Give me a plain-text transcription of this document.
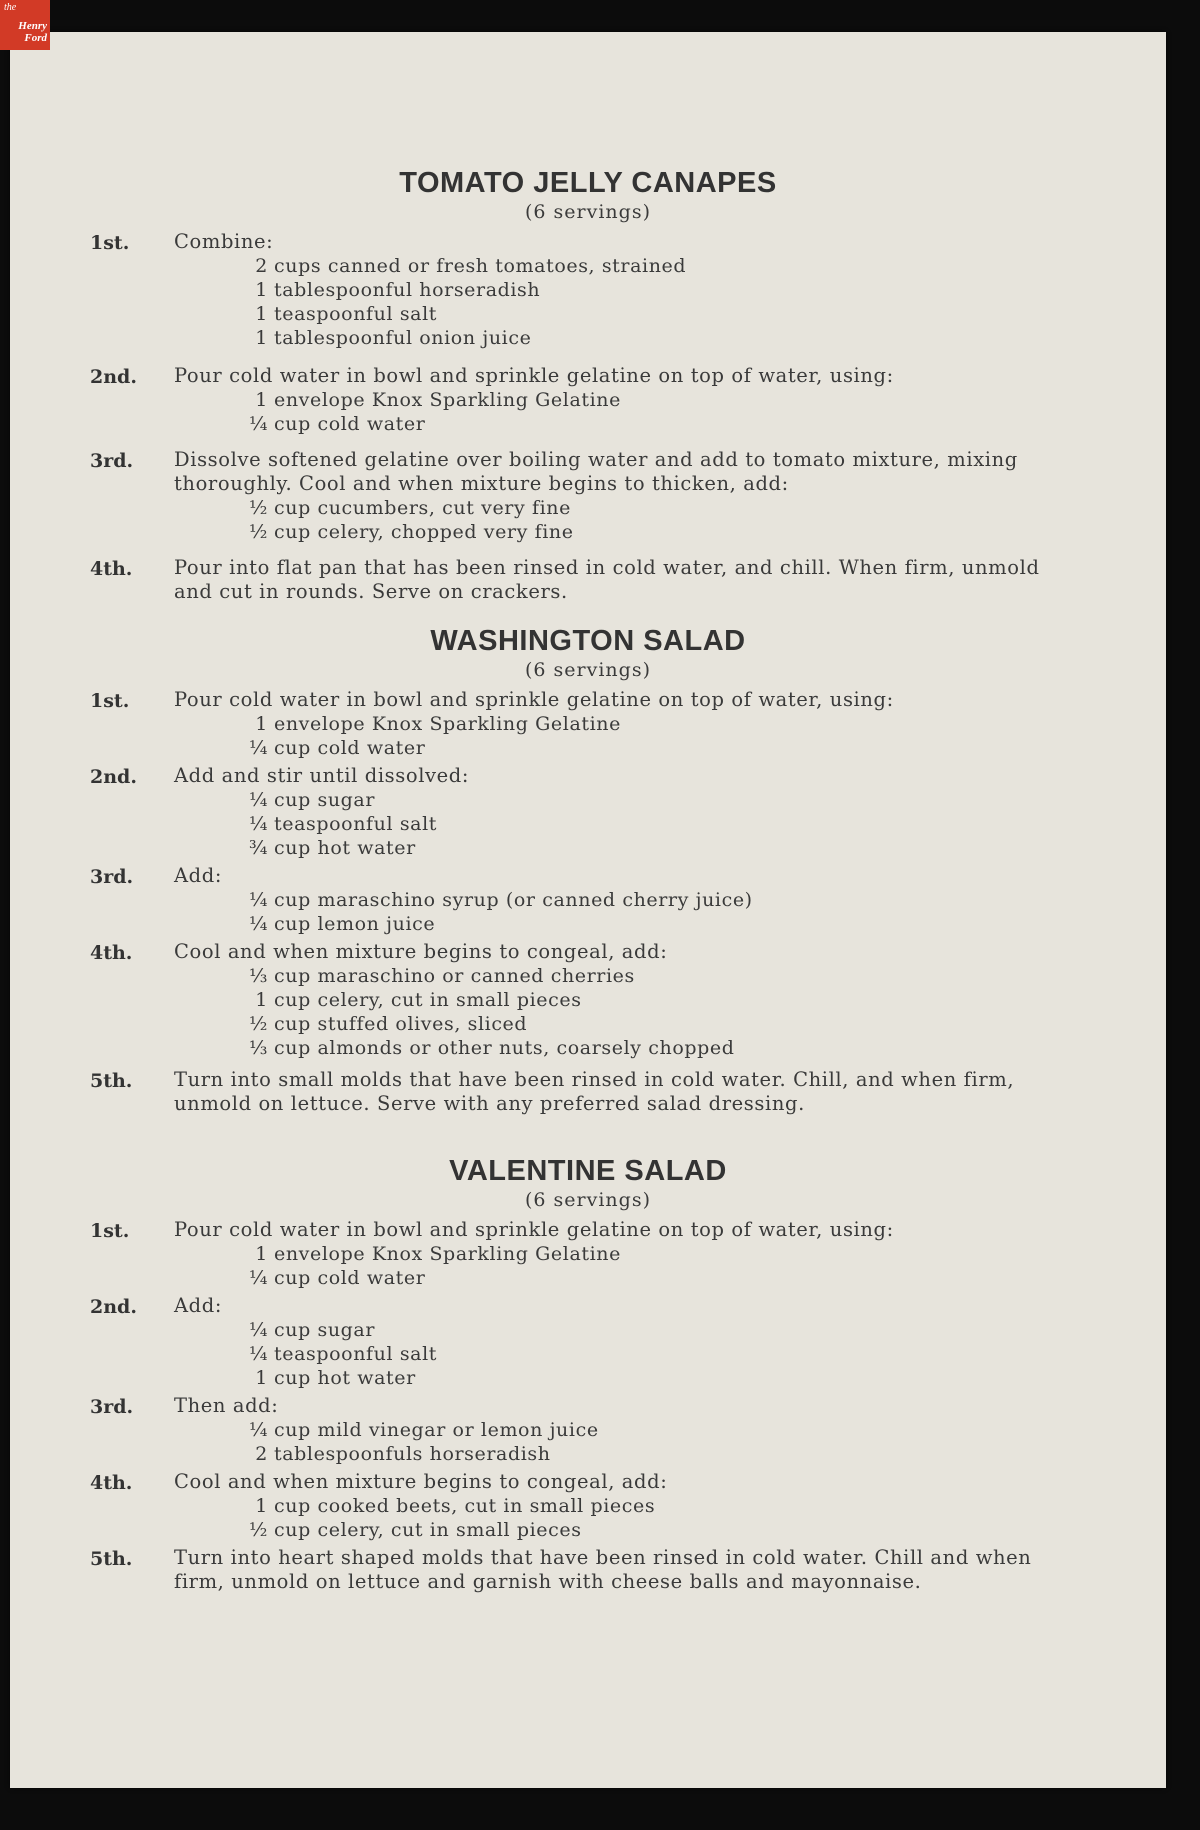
the
Henry Ford
TOMATO JELLY CANAPES
(6 servings)
1st. Combine:
2 cups canned or fresh tomatoes, strained
1 tablespoonful horseradish
1 teaspoonful salt
1 tablespoonful onion juice
2nd. Pour cold water in bowl and sprinkle gelatine on top of water, using:
1 envelope Knox Sparkling Gelatine
¼ cup cold water
3rd. Dissolve softened gelatine over boiling water and add to tomato mixture, mixing thoroughly. Cool and when mixture begins to thicken, add:
½ cup cucumbers, cut very fine
½ cup celery, chopped very fine
4th. Pour into flat pan that has been rinsed in cold water, and chill. When firm, unmold and cut in rounds. Serve on crackers.
WASHINGTON SALAD
(6 servings)
1st. Pour cold water in bowl and sprinkle gelatine on top of water, using:
1 envelope Knox Sparkling Gelatine
¼ cup cold water
2nd. Add and stir until dissolved:
¼ cup sugar
¼ teaspoonful salt
¾ cup hot water
3rd. Add:
¼ cup maraschino syrup (or canned cherry juice)
¼ cup lemon juice
4th. Cool and when mixture begins to congeal, add:
⅓ cup maraschino or canned cherries
1 cup celery, cut in small pieces
½ cup stuffed olives, sliced
⅓ cup almonds or other nuts, coarsely chopped
5th. Turn into small molds that have been rinsed in cold water. Chill, and when firm, unmold on lettuce. Serve with any preferred salad dressing.
VALENTINE SALAD
(6 servings)
1st. Pour cold water in bowl and sprinkle gelatine on top of water, using:
1 envelope Knox Sparkling Gelatine
¼ cup cold water
2nd. Add:
¼ cup sugar
¼ teaspoonful salt
1 cup hot water
3rd. Then add:
¼ cup mild vinegar or lemon juice
2 tablespoonfuls horseradish
4th. Cool and when mixture begins to congeal, add:
1 cup cooked beets, cut in small pieces
½ cup celery, cut in small pieces
5th. Turn into heart shaped molds that have been rinsed in cold water. Chill and when firm, unmold on lettuce and garnish with cheese balls and mayonnaise.
